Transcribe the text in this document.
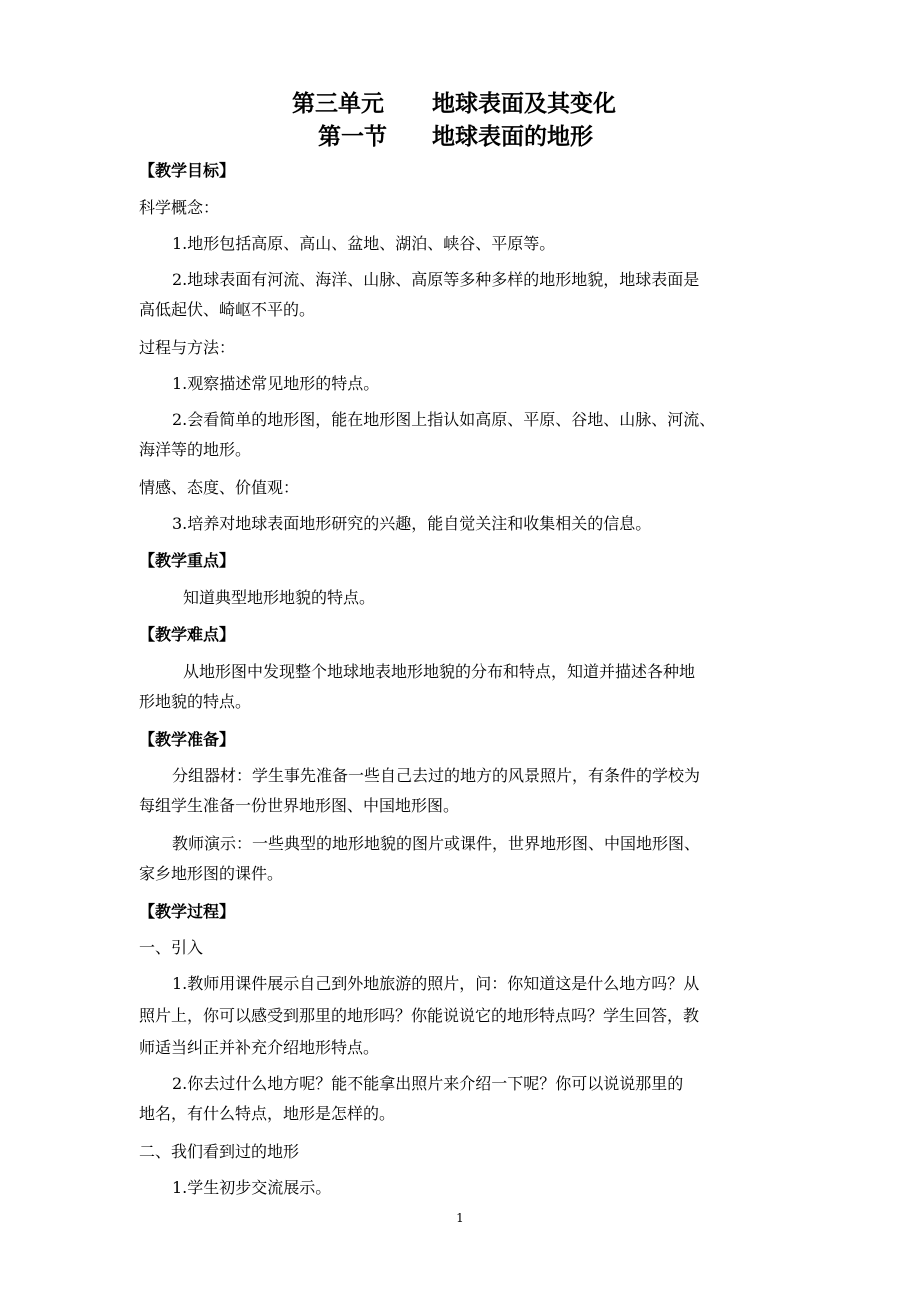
第三单元 地球表面及其变化
第一节 地球表面的地形
【教学目标】
科学概念：
1.地形包括高原、高山、盆地、湖泊、峡谷、平原等。
2.地球表面有河流、海洋、山脉、高原等多种多样的地形地貌，地球表面是
高低起伏、崎岖不平的。
过程与方法：
1.观察描述常见地形的特点。
2.会看简单的地形图，能在地形图上指认如高原、平原、谷地、山脉、河流、
海洋等的地形。
情感、态度、价值观：
3.培养对地球表面地形研究的兴趣，能自觉关注和收集相关的信息。
【教学重点】
知道典型地形地貌的特点。
【教学难点】
从地形图中发现整个地球地表地形地貌的分布和特点，知道并描述各种地
形地貌的特点。
【教学准备】
分组器材：学生事先准备一些自己去过的地方的风景照片，有条件的学校为
每组学生准备一份世界地形图、中国地形图。
教师演示：一些典型的地形地貌的图片或课件，世界地形图、中国地形图、
家乡地形图的课件。
【教学过程】
一、引入
1.教师用课件展示自己到外地旅游的照片，问：你知道这是什么地方吗？从
照片上，你可以感受到那里的地形吗？你能说说它的地形特点吗？学生回答，教
师适当纠正并补充介绍地形特点。
2.你去过什么地方呢？能不能拿出照片来介绍一下呢？你可以说说那里的
地名，有什么特点，地形是怎样的。
二、我们看到过的地形
1.学生初步交流展示。
1
